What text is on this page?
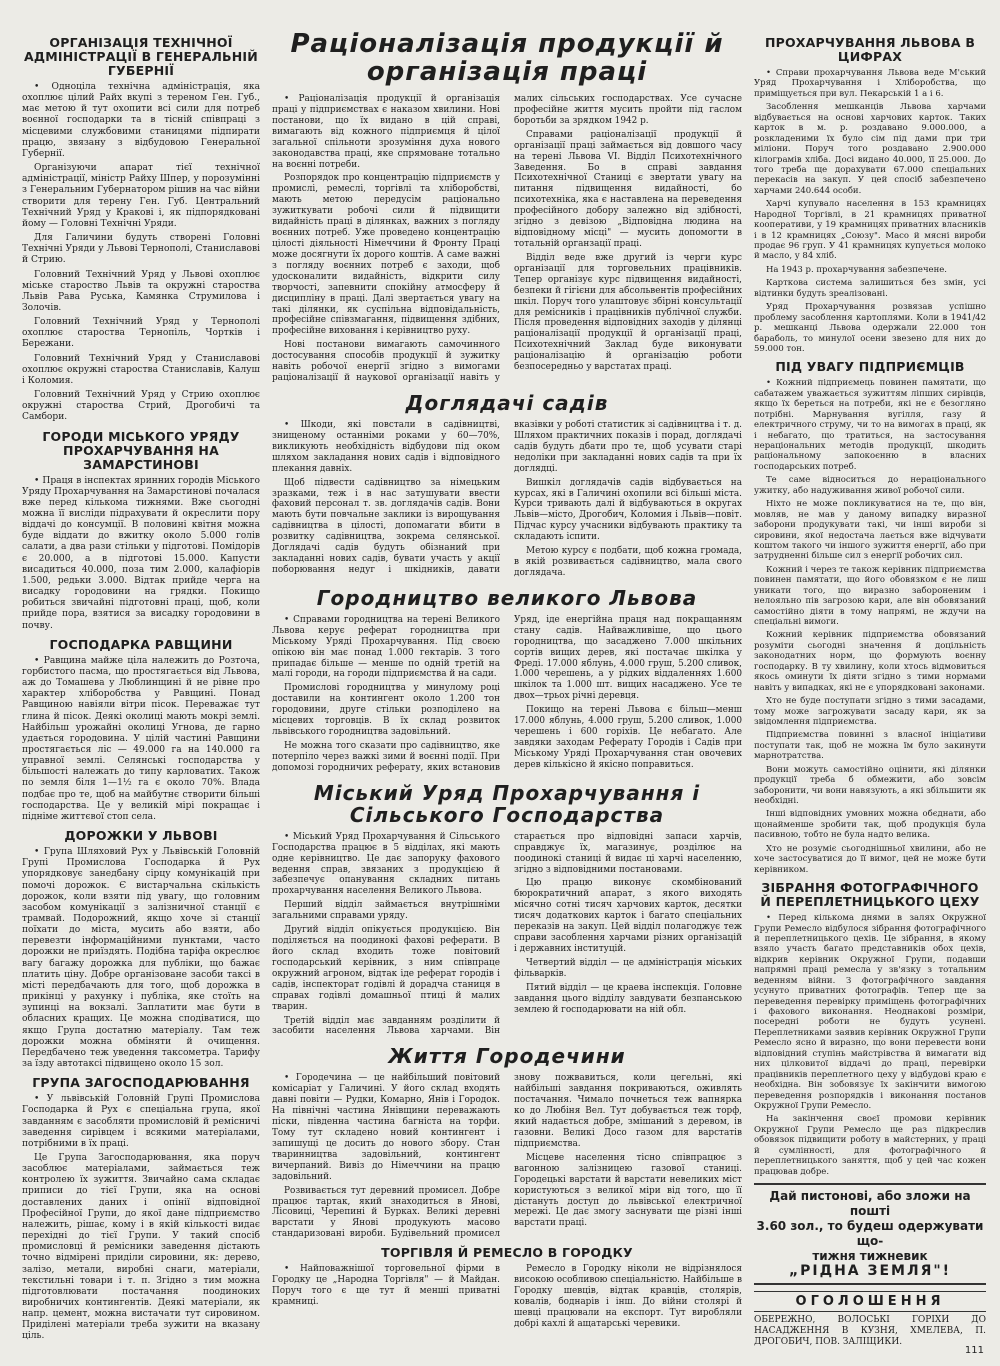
ОРГАНІЗАЦІЯ ТЕХНІЧНОЇ АДМІНІСТРАЦІЇ В ГЕНЕРАЛЬНІЙ ГУБЕРНІЇ

• Одноціла технічна адміністрація, яка охоплює цілий Райх вкупі з тереном Ген. Губ., має метою й тут охопити всі сили для потреб воєнної господарки та в тісній співпраці з місцевими службовими станицями підпирати працю, звязану з відбудовою Генеральної Губернії.

Організуючи апарат тієї технічної адміністрації, міністр Райху Шпер, у порозумінні з Генеральним Губернатором рішив на час війни створити для терену Ген. Губ. Центральний Технічний Уряд у Кракові і, як підпорядковані йому — Головні Технічні Уряди.

Для Галичини будуть створені Головні Технічні Уряди у Львові Тернополі, Станиславові й Стрию.

Головний Технічний Уряд у Львові охоплює міське староство Львів та окружні староства Львів Рава Руська, Камянка Струмилова і Золочів.

Головний Технічний Уряд у Тернополі охоплює староства Тернопіль, Чортків і Бережани.

Головний Технічний Уряд у Станиславові охоплює окружні староства Станиславів, Калуш і Коломия.

Головний Технічний Уряд у Стрию охоплює окружні староства Стрий, Дрогобичі та Самбори.

ГОРОДИ МІСЬКОГО УРЯДУ ПРОХАРЧУВАННЯ НА ЗАМАРСТИНОВІ

• Праця в інспектах яринних городів Міського Уряду Прохарчування на Замарстинові почалася вже перед кількома тижнями. Вже сьогодні можна її висліди підрахувати й окреслити пору віддачі до консумції. В половині квітня можна буде віддати до вжитку около 5.000 голів салати, а два рази стільки у підготові. Помідорів є 20.000, а в підготові 15.000. Капусти висадиться 40.000, поза тим 2.000, калафіорів 1.500, редьки 3.000. Відтак прийде черга на висадку городовини на грядки. Покищо робиться звичайні підготовні праці, щоб, коли прийде пора, взятися за висадку городовини в почву.

ГОСПОДАРКА РАВЩИНИ

• Равщина майже ціла належить до Розточа, горбистого пасма, що простягається від Львова, аж до Томашева у Люблинщині й не рівне про характер хліборобства у Равщині. Понад Равщиною навіяли вітри пісок. Переважає тут глина й пісок. Деякі околиці мають мокрі землі. Найбільш урожайні околиці Угнова, де гарно удається городовина. У цілій частині Равщини простягається ліс — 49.000 га на 140.000 га управної землі. Селянські господарства у більшості належать до типу карловатих. Також по земля біля 1—1½ га є около 70%. Влада подбає про те, щоб на майбутнє створити більші господарства. Це у великій мірі покращає і підніме життєвої стоп села.

ДОРОЖКИ У ЛЬВОВІ

• Група Шляховий Рух у Львівській Головній Групі Промислова Господарка й Рух упорядковує занедбану сірцу комунікацій при помочі дорожок. Є вистарчальна скількість дорожок, коли взяти під увагу, що головним засобом комунікації з залізничної станції є трамвай. Подорожний, якщо хоче зі станції поїхати до міста, мусить або взяти, або перевезти інформаційними пунктами, часто дорожки не приїздять. Подібна таріфа окреслює вагу багажу дорожка для публіки, що бажає платить ціну. Добре організоване засоби таксі в місті передбачають для того, щоб дорожка в прикінці у рахунку і публіка, яке стоїть на зупинці на вокзалі. Заплатити має бути в обласних кращих. Це можна сподіватися, що якщо Група достатню матеріалу. Там теж дорожки можна обміняти й очищення. Передбачено теж уведення таксометра. Тарифу за їзду автотаксі підвищено около 15 зол.

ГРУПА ЗАГОСПОДАРЮВАННЯ

• У львівській Головній Групі Промислова Господарка й Рух є спеціальна група, якої завданням є засобляти промисловій й ремісничі заведення сирівцем і всякими матеріалами, потрібними в їх праці.

Це Група Загосподарювання, яка поруч засоблює матеріалами, займається теж контролею їх зужиття. Звичайно сама складає приписи до тієї Групи, яка на основі доставлених даних і опінії відповідної Професійної Групи, до якої дане підприємство належить, рішає, кому і в якій кількості видає перехідні до тієї Групи. У такий спосіб промисловці й ремісники заведення дістають точно відмірені приділи сировини, як: дерево, залізо, метали, виробні снаги, матеріали, текстильні товари і т. п. Згідно з тим можна підготовлювати постачання поодиноких виробничих контингентів. Деякі матеріали, як напр. цемент, можна вистачати тут сировином. Приділені матеріали треба зужити на вказану ціль.

Раціоналізація продукції й організація праці

• Раціоналізація продукції й організація праці у підприємствах є наказом хвилини. Нові постанови, що їх видано в цій справі, вимагають від кожного підприємця й цілої загальної спільноти зрозуміння духа нового законодавства праці, яке спрямоване тотально на воєнні потреби.

Розпорядок про концентрацію підприємств у промислі, ремеслі, торгівлі та хліборобстві, мають метою передусім раціонально зужиткувати робочі сили й підвищити видайність праці в ділянках, важних з погляду воєнних потреб. Уже проведено концентрацію цілості діяльності Німеччини й Фронту Праці може досягнути їх дорого коштів. А саме важні з погляду воєнних потреб є заходи, щоб удосконалити видайність, відкрити силу творчості, запевнити спокійну атмосферу й дисципліну в праці. Далі звертається увагу на такі ділянки, як суспільна відповідальність, професійне співзмагання, підвищення здібних, професійне виховання і керівництво руху.

Нові постанови вимагають самочинного достосування способів продукції й зужитку навіть робочої енергії згідно з вимогами раціоналізації й наукової організації навіть у малих сільських господарствах. Усе сучасне професійне життя мусить пройти під гаслом боротьби за зрядком 1942 р.

Справами раціоналізації продукції й організації праці займається від довшого часу на терені Львова VI. Відділ Психотехнічного Заведення. Бо в справі завдання Психотехнічної Станиці є звертати увагу на питання підвищення видайності, бо психотехніка, яка є наставлена на переведення професійного добору залежно від здібності, згідно з девізою „Відповідна людина на відповідному місці" — мусить допомогти в тотальній органзації праці.

Відділ веде вже другий із черги курс організації для торговельних працівників. Тепер організує курс підвищення видайності, безпеки й гігієни для абсольвентів професійних шкіл. Поруч того улаштовує збірні консультації для ремісників і працівників публічної служби. Після проведення відповідних заходів у ділянці раціоналізації продукції й організації праці, Психотехнічний Заклад буде виконувати раціоналізацію й організацію роботи безпосередньо у варстатах праці.

Доглядачі садів

• Шкоди, які повстали в садівництві, знищеному останніми роками у 60—70%, викликують необхідність відбудови під оком шляхом закладання нових садів і відповідного плекання давніх.

Щоб підвести садівництво за німецьким зразками, теж і в нас затушувати ввести фаховий персонал т. зв. доглядачів садів. Вони мають бути повчальне заклики із вирощування садівництва в цілості, допомагати вбити в розвитку садівництва, зокрема селянської. Доглядачі садів будуть обізнаний при закладанні нових садів, бувати участь у акції поборювання недуг і шкідників, давати вказівки у роботі статистик зі садівництва і т. д. Шляхом практичних показів і порад, доглядачі садів будуть дбати про те, щоб усувати старі недоліки при закладанні нових садів та при їх доглядці.

Вишкіл доглядачів садів відбувається на курсах, які в Галичині охопили всі більші міста. Курси тривають далі й відбуваються в округах Львів—місто, Дрогобич, Коломия і Львів—повіт. Підчас курсу учасники відбувають практику та складають іспити.

Метою курсу є подбати, щоб кожна громада, в якій розвивається садівництво, мала свого доглядача.

Городництво великого Львова

• Справами городництва на терені Великого Львова керує реферат городництва при Міському Уряді Прохарчування. Під своєю опікою він має понад 1.000 гектарів. З того припадає більше — менше по одній третій на малі городи, на городи підприємства й на сади.

Промислові городництва у минулому році доставили на контингент около 1.200 тон городовини, друге стільки розподілено на місцевих торговців. В їх склад розвиток львівського городництва задовільний.

Не можна того сказати про садівництво, яке потерпіло через важкі зими й воєнні події. При допомозі городничих реферату, яких встановив Уряд, іде енергійна праця над покращанням стану садів. Найважливіше, що цього городництва, що засаджено 7.000 шкільних сортів вищих дерев, які постачає шкілка у Фреді. 17.000 яблунь, 4.000 груш, 5.200 сливок, 1.000 черешень, а у рідких віддаленнях 1.600 шкілок та 1.000 шт. вищих насаджено. Усе те двох—трьох річні деревця.

Покищо на терені Львова є більш—менш 17.000 яблунь, 4.000 груш, 5.200 сливок, 1.000 черешень і 600 горіхів. Це небагато. Але завдяки заходам Реферату Городів і Садів при Міському Уряді Прохарчування стан овочевих дерев кількісно й якісно поправиться.

Міський Уряд Прохарчування і Сільського Господарства

• Міський Уряд Прохарчування й Сільського Господарства працює в 5 відділах, які мають одне керівництво. Це дає запоруку фахового ведення справ, звязаних з продукцією й забезпечує опанування складних питань прохарчування населення Великого Львова.

Перший відділ займається внутрішніми загальними справами уряду.

Другий відділ опікується продукцією. Він поділяється на поодинокі фахові реферати. В його склад входить тоже повітовий господарський керівник, з ним співпраце окружний агроном, відтак іде реферат городів і садів, інспекторат годівлі й дорадча станиця в справах годівлі домашньої птиці й малих тварин.

Третій відділ має завданням розділити й засобити населення Львова харчами. Він старається про відповідні запаси харчів, справджує їх, магазинує, розділює на поодинокі станиці й видає ці харчі населенню, згідно з відповідними постановами.

Цю працю виконує скомбінований бюрократичний апарат, з якого виходять місячно сотні тисяч харчових карток, десятки тисяч додаткових карток і багато спеціальних переказів на закуп. Цей відділ полагоджує теж справи засоблення харчами різних організацій і державних інституцій.

Четвертий відділ — це адміністрація міських фільварків.

Пятий відділ — це краева інспекція. Головне завдання цього відділу завдувати безпанською землею й господарювати на ній обл.

Життя Городечини

• Городечина — це найбільший повітовий комісаріат у Галичині. У його склад входять давні повіти — Рудки, Комарно, Янів і Городок. На північні частина Янівщини переважають піски, південна частина багніста на торфи. Тому тут складено новий контингент і запишущі це досить до нового збору. Стан тваринництва задовільний, контингент вичерпаний. Вивіз до Німеччини на працю задовільний.

Розвивається тут деревний промисел. Добре працює тартак, який знаходиться в Янові, Лісовиці, Черепині й Бурках. Великі деревні варстати у Янові продукують масово стандаризовані вироби. Будівельний промисел знову пожвавиться, коли цегельні, які найбільші завдання покриваються, оживлять постачання. Чимало почнеться теж вапнярка ко до Любіня Вел. Тут добувається теж торф, який надається добре, змішаний з деревом, ів газовни. Великі Досо газом для варстатів підприємства.

Місцеве населення тісно співпрацює з вагонною залізницею газової станиці. Городецькі варстати й варстати невеликих міст користуються з великої міри від того, що її дістануть доступ до львівської електричної мережі. Це дає змогу заснувати ще різні інші варстати праці.

ТОРГІВЛЯ Й РЕМЕСЛО В ГОРОДКУ

• Найповажнішої торговельної фірми в Городку це „Народна Торгівля" — й Майдан. Поруч того є ще тут й менші приватні крамниці.

Ремесло в Городку ніколи не відрізнялося високою особливою спеціальністю. Найбільше в Городку шевців, відтак кравців, столярів, ковалів, боднарів і інш. До війни столярі й шевці працювали на експорт. Тут виробляли добрі кахлі й ащатарські черевики.

ПРОХАРЧУВАННЯ ЛЬВОВА В ЦИФРАХ

• Справи прохарчування Львова веде М'ський Уряд Прохарчування і Хліборобства, що приміщується при вул. Пекарській 1 а і 6.

Засоблення мешканців Львова харчами відбувається на основі харчових карток. Таких карток в м. р. роздавано 9.000.000, а розкладеними їх було сім під дами при три міліони. Поруч того роздавано 2.900.000 кілограмів хліба. Досі видано 40.000, її 25.000. До того треба ще дорахувати 67.000 спеціальних перекасів на закуп. У цей спосіб забезпечено харчами 240.644 особи.

Харчі купувало населення в 153 крамницях Народної Торгівлі, в 21 крамницях приватної кооперативи, у 19 крамницях приватних власників і в 12 крамницях „Союзу". Масо й мясні вироби продає 96 груп. У 41 крамницях купується молоко й масло, у 84 хліб.

На 1943 р. прохарчування забезпечене.

Карткова система залишиться без змін, усі відтинки будуть зреалізовані.

Уряд Прохарчування розвязав успішно проблему засоблення картоплями. Коли в 1941/42 р. мешканці Львова одержали 22.000 тон бараболь, то минулої осени звезено для них до 59.000 тон.

ПІД УВАГУ ПІДПРИЄМЦІВ

• Кожний підприємець повинен памятати, що сабатажем уважається зужиттям ліпших сирівців, якщо їх береться на потреби, які не є безогляно потрібні. Марнування вугілля, газу й електричного струму, чи то на вимогах в праці, як і небагато, що тратиться, на застосування нераціональних методів продукції, шкодить раціональному запокоєнню в власних господарських потреб.

Те саме відноситься до нераціонального ужитку, або надуживання живої робочої сили.

Ніхто не може покликуватися на те, що він, мовляв, не мав у даному випадку виразної заборони продукувати такі, чи інші вироби зі сировини, якої недостача лається вже відчувати коштом такого чи іншого зужиття енергії, або при затрудненні більше сил з енергії робочих сил.

Кожний і через те також керівник підприємства повинен памятати, що його обовязком є не лиш уникати того, що виразно забороненим і нелояльно пів загрозою кари, але він обовязаний самостійно діяти в тому напрямі, не ждучи на спеціальні вимоги.

Кожний керівник підприємства обовязаний розуміти сьогодні значення й доцільність законодатних норм, що формують воєнну господарку. В ту хвилину, коли хтось відмовиться якось оминути їх діяти згідно з тими нормами навіть у випадках, які не є упорядковані законами.

Хто не буде поступати згідно з тими засадами, тому може загрожувати засаду кари, як за звідомлення підприємства.

Підприємства повинні з власної ініціативи поступати так, щоб не можна їм було закинути марнотратства.

Вони можуть самостійно оцінити, які ділянки продукції треба б обмежити, або зовсім заборонити, чи вони навязують, а які збільшити як необхідні.

Інші відповідних умовних можна обєднати, або щонайменше зробити так, щоб продукція була пасивною, тобто не була надто велика.

Хто не розуміє сьогоднішньої хвилини, або не хоче застосуватися до її вимог, цей не може бути керівником.

ЗІБРАННЯ ФОТОГРАФІЧНОГО Й ПЕРЕПЛЕТНИЦЬКОГО ЦЕХУ

• Перед кількома днями в залях Окружної Групи Ремесло відбулося зібрання фотографічного й переплетницького цехів. Це зібрання, в якому взяло участь багато представників обох цехів, відкрив керівник Окружної Групи, подавши напрямні праці ремесла у зв'язку з тотальним веденням війни. З фотографічного завдання усунуто приватних фотографів. Тепер ще за переведення перевірку приміщень фотографічних і фахового виконання. Неоднакові розміри, посередні роботи не будуть усунені. Переплетниками заявив керівник Окружної Групи Ремесло ясно й виразно, що вони перевести вони відповідний ступінь майстрівства й вимагати від них цілковитої віддачі до праці, перевірки працівників переплетного цеху у відбудові краю є необхідна. Він зобовязує їх закінчити вимогою переведення розпорядків і виконання постанов Окружної Групи Ремесло.

На закінчення своєї промови керівник Окружної Групи Ремесло ще раз підкреслив обовязок підвищити роботу в майстерних, у праці й сумлінності, для фотографічного й переплетницького заняття, щоб у цей час кожен працював добре.

Дай пистонові, або зложи на пошті
3.60 зол., то будеш одержувати що-
тижня тижневик
„РІДНА ЗЕМЛЯ"!
ОГОЛОШЕННЯ
ОБЕРЕЖНО, ВОЛОСЬКІ ГОРІХИ ДО НАСАДЖЕННЯ В КУЗНЯ, ХМЕЛЕВА, П. ДРОГОБИЧ, ПОВ. ЗАЛІЩИКИ.
111
